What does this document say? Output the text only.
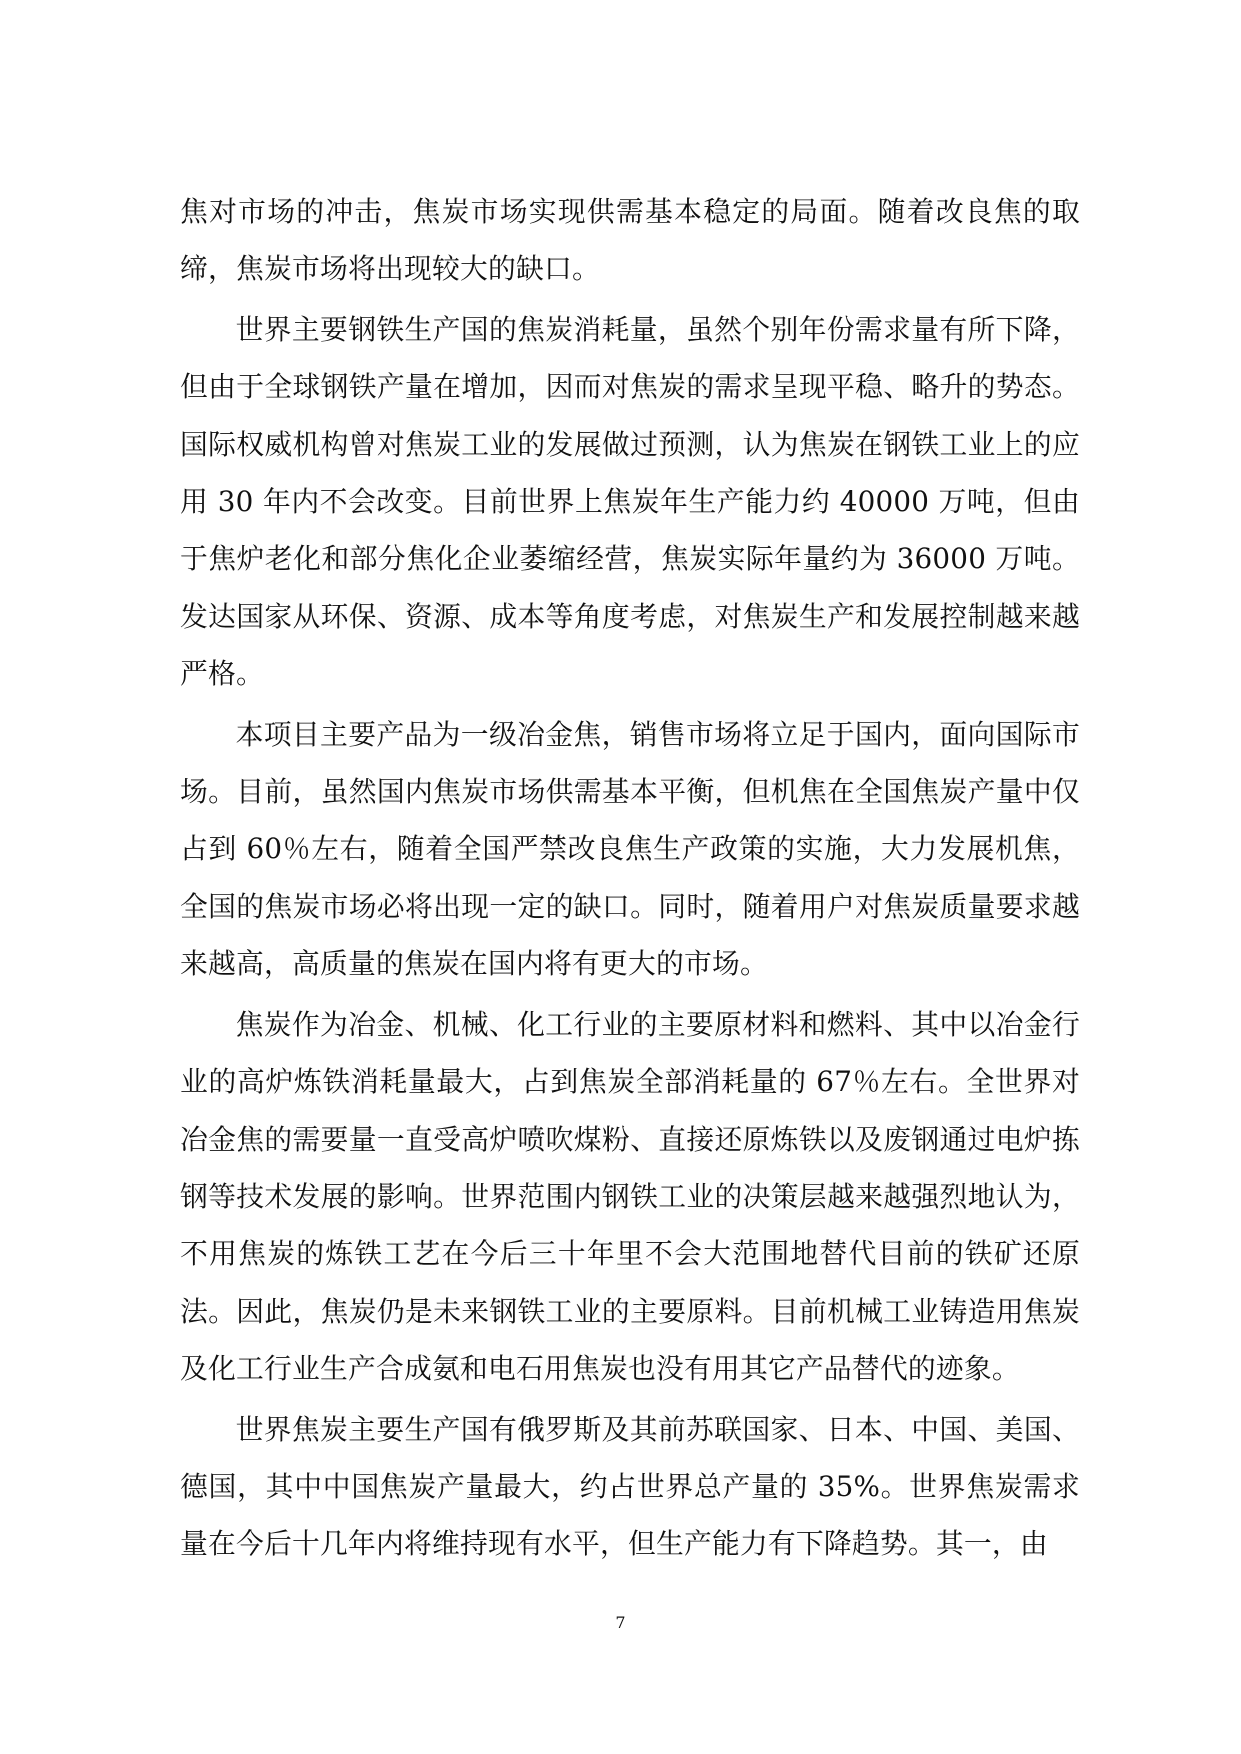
焦对市场的冲击，焦炭市场实现供需基本稳定的局面。随着改良焦的取缔，焦炭市场将出现较大的缺口。

世界主要钢铁生产国的焦炭消耗量，虽然个别年份需求量有所下降，但由于全球钢铁产量在增加，因而对焦炭的需求呈现平稳、略升的势态。国际权威机构曾对焦炭工业的发展做过预测，认为焦炭在钢铁工业上的应用 30 年内不会改变。目前世界上焦炭年生产能力约 40000 万吨，但由于焦炉老化和部分焦化企业萎缩经营，焦炭实际年量约为 36000 万吨。发达国家从环保、资源、成本等角度考虑，对焦炭生产和发展控制越来越严格。

本项目主要产品为一级冶金焦，销售市场将立足于国内，面向国际市场。目前，虽然国内焦炭市场供需基本平衡，但机焦在全国焦炭产量中仅占到 60％左右，随着全国严禁改良焦生产政策的实施，大力发展机焦，全国的焦炭市场必将出现一定的缺口。同时，随着用户对焦炭质量要求越来越高，高质量的焦炭在国内将有更大的市场。

焦炭作为冶金、机械、化工行业的主要原材料和燃料、其中以冶金行业的高炉炼铁消耗量最大，占到焦炭全部消耗量的 67％左右。全世界对冶金焦的需要量一直受高炉喷吹煤粉、直接还原炼铁以及废钢通过电炉拣钢等技术发展的影响。世界范围内钢铁工业的决策层越来越强烈地认为，不用焦炭的炼铁工艺在今后三十年里不会大范围地替代目前的铁矿还原法。因此，焦炭仍是未来钢铁工业的主要原料。目前机械工业铸造用焦炭及化工行业生产合成氨和电石用焦炭也没有用其它产品替代的迹象。

世界焦炭主要生产国有俄罗斯及其前苏联国家、日本、中国、美国、德国，其中中国焦炭产量最大，约占世界总产量的 35%。世界焦炭需求量在今后十几年内将维持现有水平，但生产能力有下降趋势。其一，由

7
